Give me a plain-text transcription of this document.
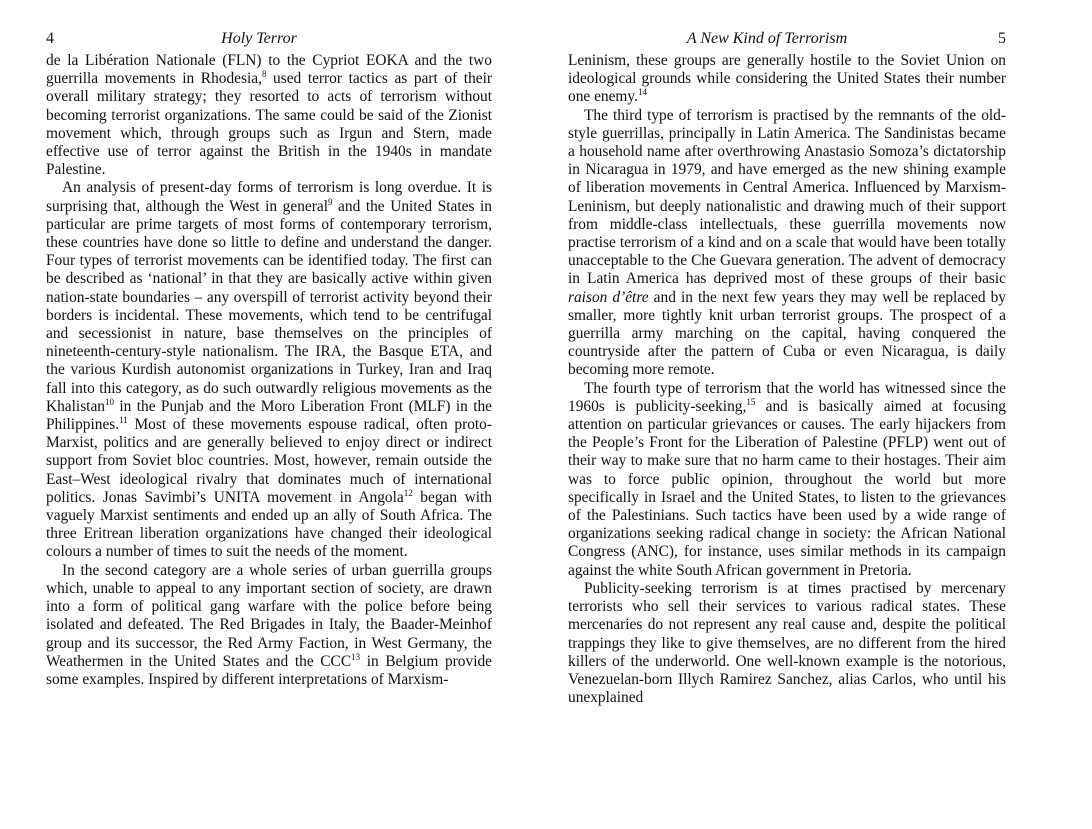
4	Holy Terror

de la Libération Nationale (FLN) to the Cypriot EOKA and the two guerrilla movements in Rhodesia,$^8$ used terror tactics as part of their overall military strategy; they resorted to acts of terrorism without becoming terrorist organizations. The same could be said of the Zionist movement which, through groups such as Irgun and Stern, made effective use of terror against the British in the 1940s in mandate Palestine.

An analysis of present-day forms of terrorism is long overdue. It is surprising that, although the West in general$^9$ and the United States in particular are prime targets of most forms of contemporary terrorism, these countries have done so little to define and understand the danger. Four types of terrorist movements can be identified today. The first can be described as ‘national’ in that they are basically active within given nation-state boundaries – any overspill of terrorist activity beyond their borders is incidental. These movements, which tend to be centrifugal and secessionist in nature, base themselves on the principles of nineteenth-century-style nationalism. The IRA, the Basque ETA, and the various Kurdish autonomist organizations in Turkey, Iran and Iraq fall into this category, as do such outwardly religious movements as the Khalistan$^{10}$ in the Punjab and the Moro Liberation Front (MLF) in the Philippines.$^{11}$ Most of these movements espouse radical, often proto-Marxist, politics and are generally believed to enjoy direct or indirect support from Soviet bloc countries. Most, however, remain outside the East–West ideological rivalry that dominates much of international politics. Jonas Savimbi’s UNITA movement in Angola$^{12}$ began with vaguely Marxist sentiments and ended up an ally of South Africa. The three Eritrean liberation organizations have changed their ideological colours a number of times to suit the needs of the moment.

In the second category are a whole series of urban guerrilla groups which, unable to appeal to any important section of society, are drawn into a form of political gang warfare with the police before being isolated and defeated. The Red Brigades in Italy, the Baader-Meinhof group and its successor, the Red Army Faction, in West Germany, the Weathermen in the United States and the CCC$^{13}$ in Belgium provide some examples. Inspired by different interpretations of Marxism-

A New Kind of Terrorism	5

Leninism, these groups are generally hostile to the Soviet Union on ideological grounds while considering the United States their number one enemy.$^{14}$

The third type of terrorism is practised by the remnants of the old-style guerrillas, principally in Latin America. The Sandinistas became a household name after overthrowing Anastasio Somoza’s dictatorship in Nicaragua in 1979, and have emerged as the new shining example of liberation movements in Central America. Influenced by Marxism-Leninism, but deeply nationalistic and drawing much of their support from middle-class intellectuals, these guerrilla movements now practise terrorism of a kind and on a scale that would have been totally unacceptable to the Che Guevara generation. The advent of democracy in Latin America has deprived most of these groups of their basic raison d’être and in the next few years they may well be replaced by smaller, more tightly knit urban terrorist groups. The prospect of a guerrilla army marching on the capital, having conquered the countryside after the pattern of Cuba or even Nicaragua, is daily becoming more remote.

The fourth type of terrorism that the world has witnessed since the 1960s is publicity-seeking,$^{15}$ and is basically aimed at focusing attention on particular grievances or causes. The early hijackers from the People’s Front for the Liberation of Palestine (PFLP) went out of their way to make sure that no harm came to their hostages. Their aim was to force public opinion, throughout the world but more specifically in Israel and the United States, to listen to the grievances of the Palestinians. Such tactics have been used by a wide range of organizations seeking radical change in society: the African National Congress (ANC), for instance, uses similar methods in its campaign against the white South African government in Pretoria.

Publicity-seeking terrorism is at times practised by mercenary terrorists who sell their services to various radical states. These mercenaries do not represent any real cause and, despite the political trappings they like to give themselves, are no different from the hired killers of the underworld. One well-known example is the notorious, Venezuelan-born Illych Ramirez Sanchez, alias Carlos, who until his unexplained
